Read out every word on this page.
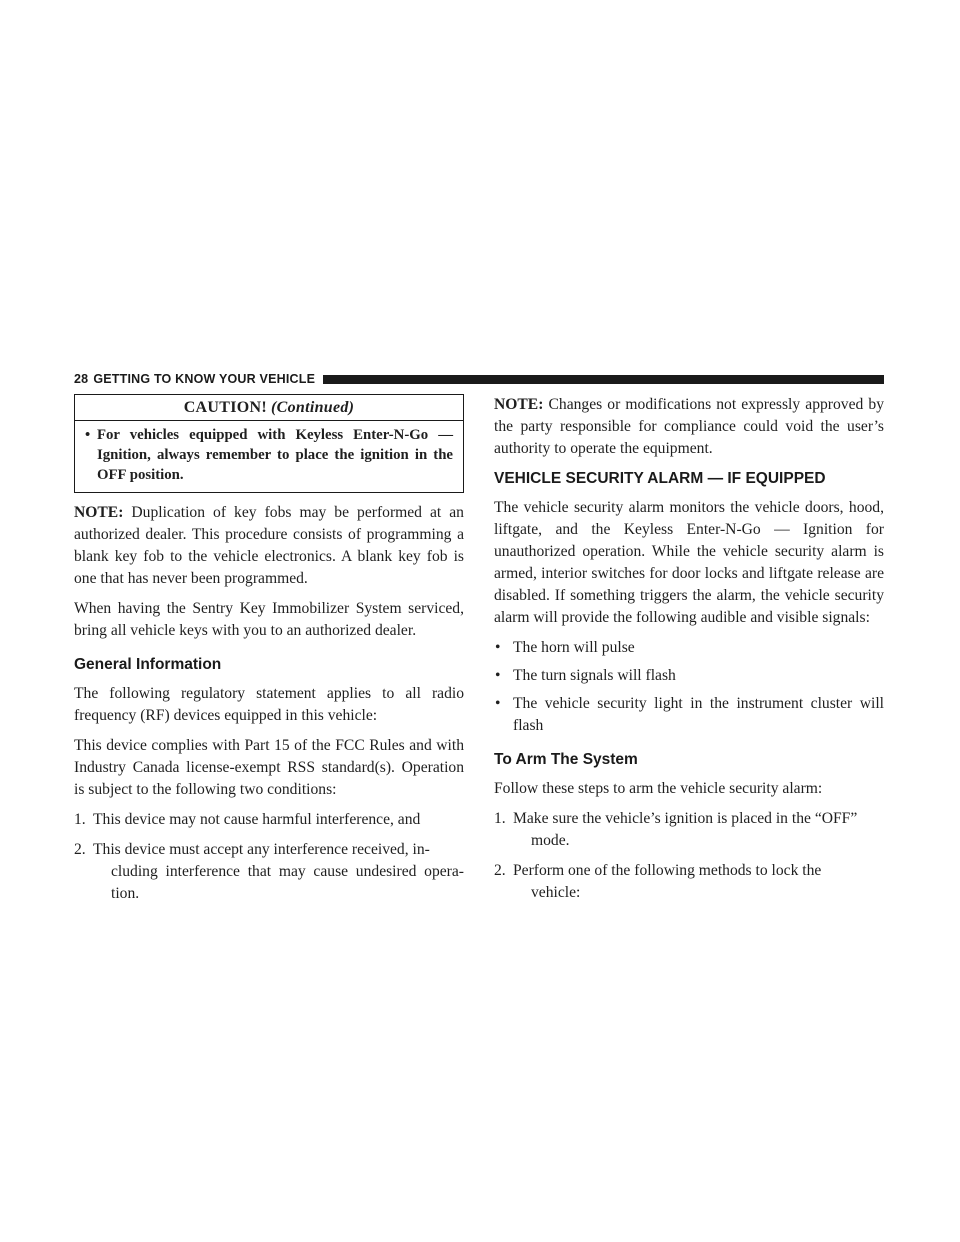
28 GETTING TO KNOW YOUR VEHICLE
CAUTION! (Continued)
• For vehicles equipped with Keyless Enter-N-Go — Ignition, always remember to place the ignition in the OFF position.

NOTE: Duplication of key fobs may be performed at an authorized dealer. This procedure consists of programming a blank key fob to the vehicle electronics. A blank key fob is one that has never been programmed.

When having the Sentry Key Immobilizer System serviced, bring all vehicle keys with you to an authorized dealer.

General Information

The following regulatory statement applies to all radio frequency (RF) devices equipped in this vehicle:

This device complies with Part 15 of the FCC Rules and with Industry Canada license-exempt RSS standard(s). Operation is subject to the following two conditions:

1. This device may not cause harmful interference, and
2. This device must accept any interference received, in-
cluding interference that may cause undesired opera- tion.

NOTE: Changes or modifications not expressly approved by the party responsible for compliance could void the user’s authority to operate the equipment.

VEHICLE SECURITY ALARM — IF EQUIPPED

The vehicle security alarm monitors the vehicle doors, hood, liftgate, and the Keyless Enter-N-Go — Ignition for unauthorized operation. While the vehicle security alarm is armed, interior switches for door locks and liftgate release are disabled. If something triggers the alarm, the vehicle security alarm will provide the following audible and visible signals:

• The horn will pulse
• The turn signals will flash
• The vehicle security light in the instrument cluster will flash
To Arm The System

Follow these steps to arm the vehicle security alarm:

1. Make sure the vehicle’s ignition is placed in the “OFF”
mode.
2. Perform one of the following methods to lock the
vehicle:
